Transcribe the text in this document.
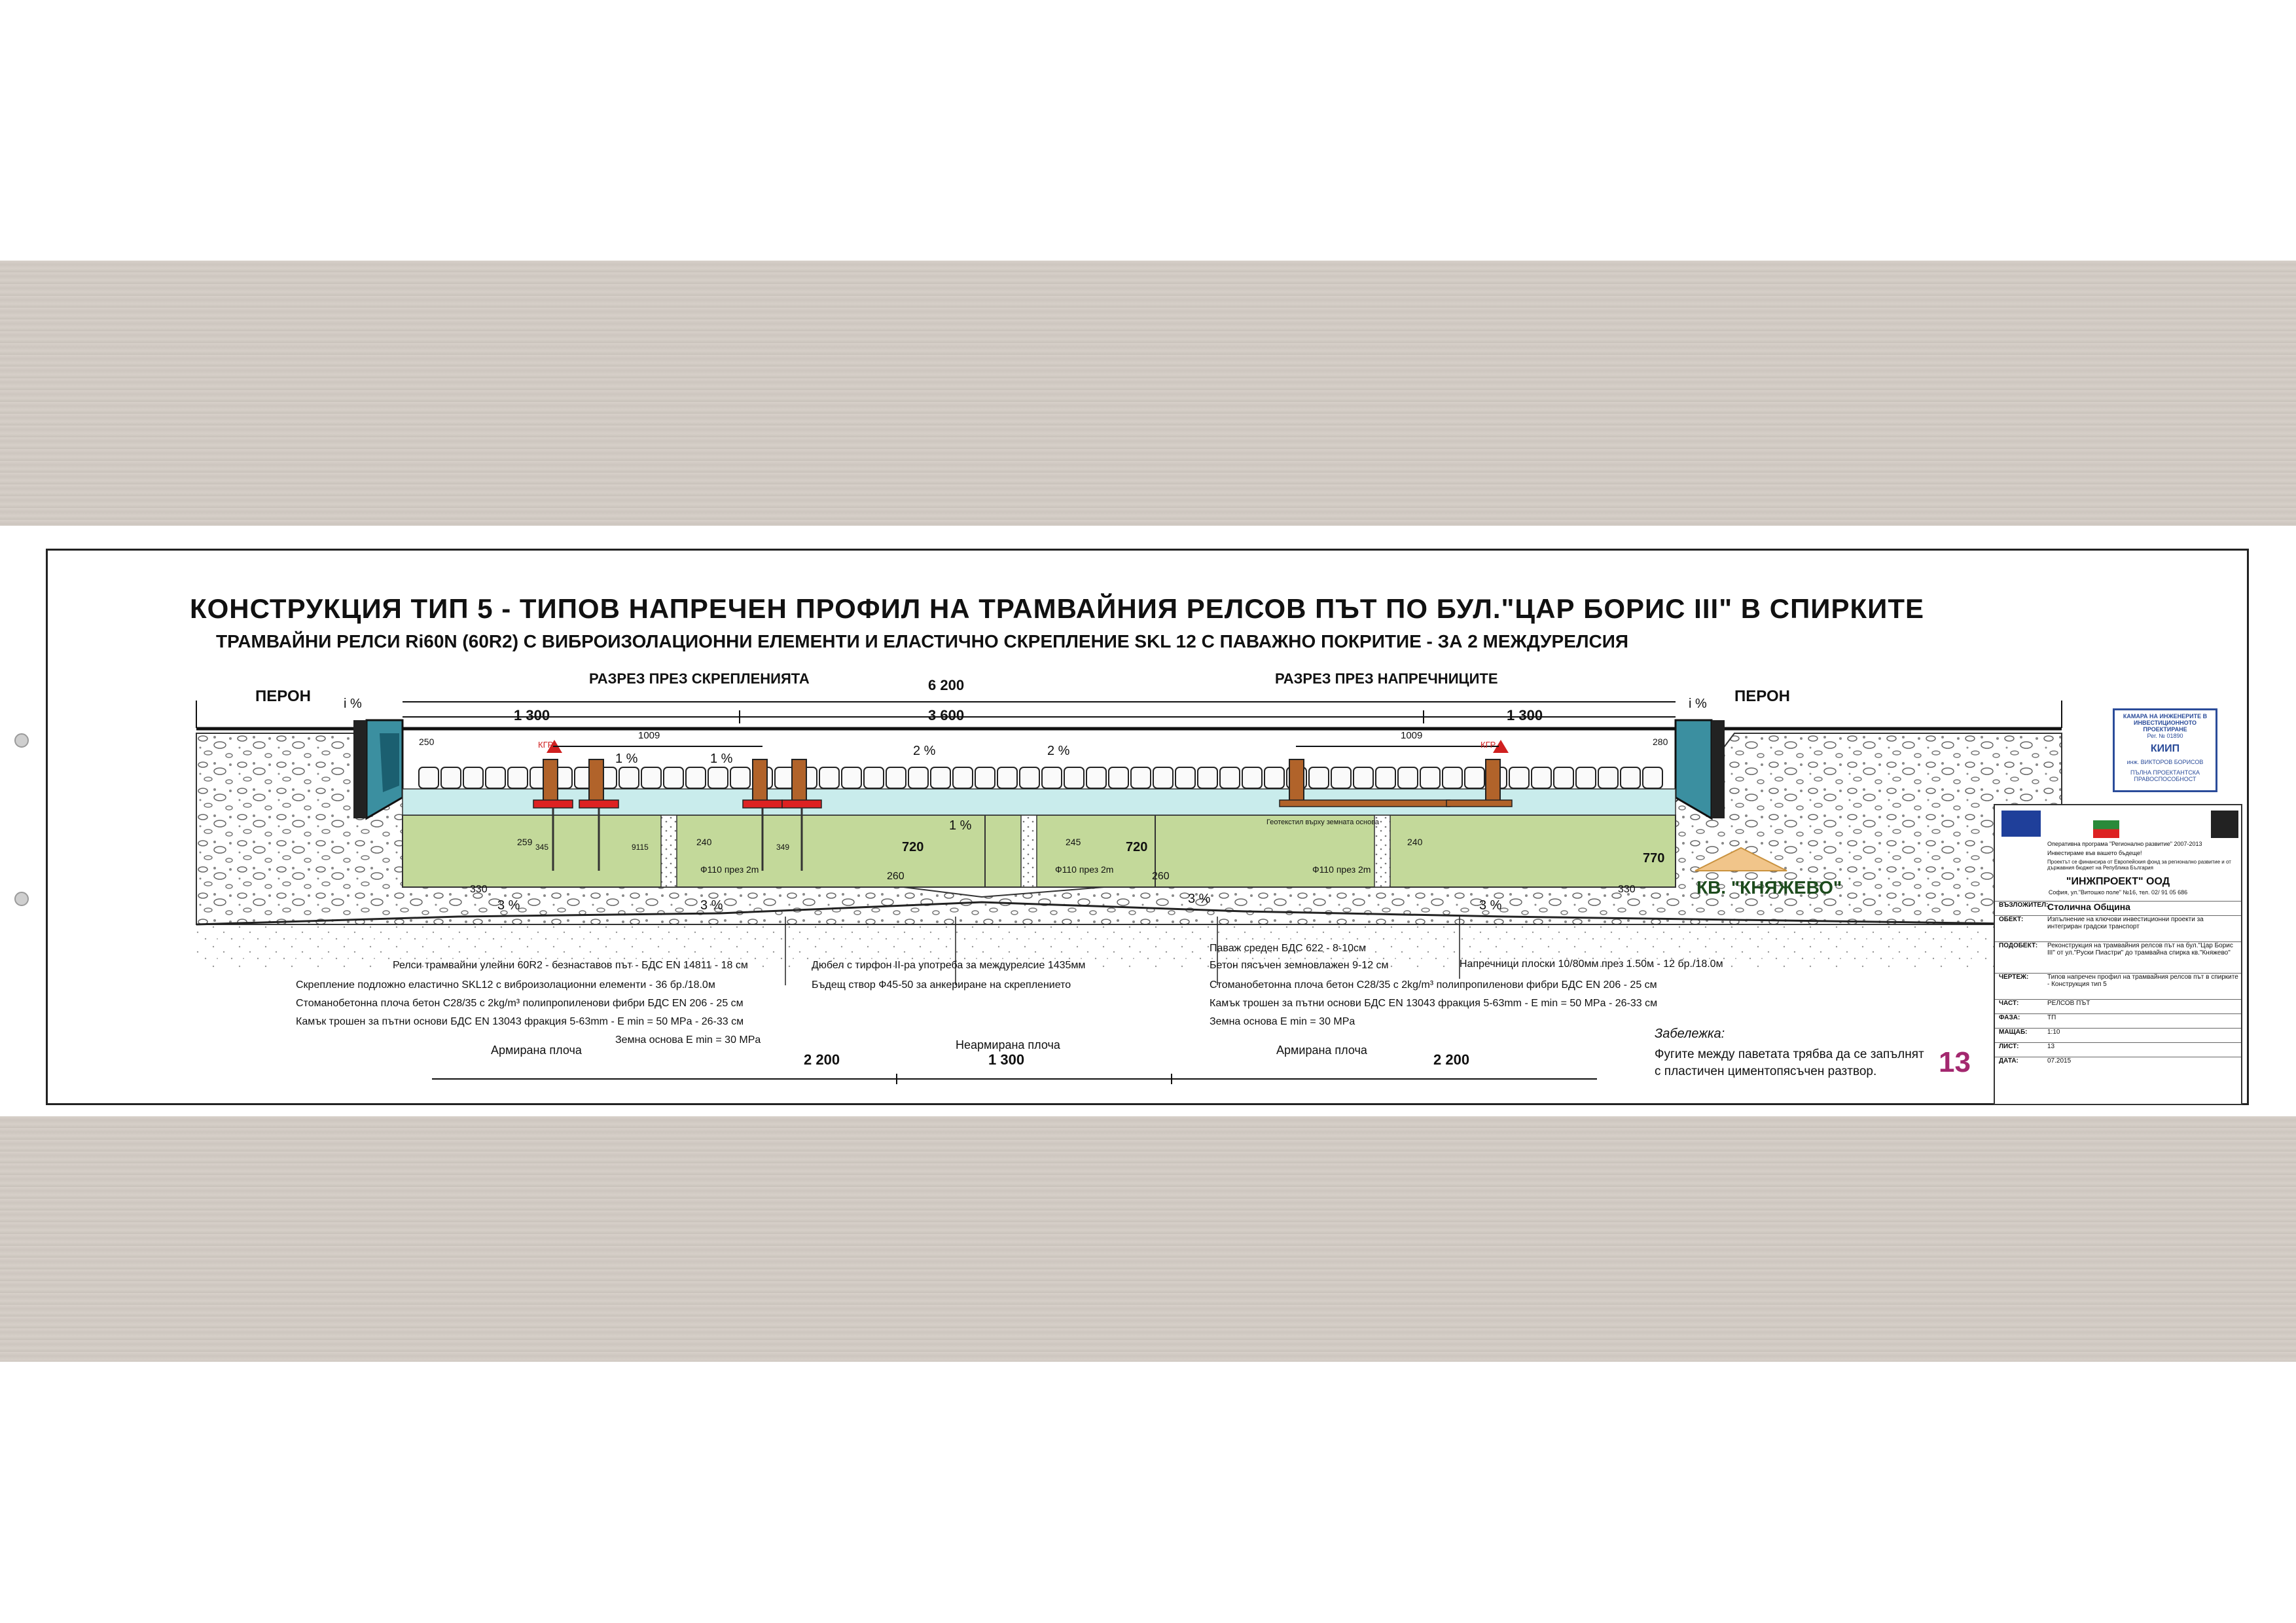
КОНСТРУКЦИЯ ТИП 5 - ТИПОВ НАПРЕЧЕН ПРОФИЛ НА ТРАМВАЙНИЯ РЕЛСОВ ПЪТ ПО БУЛ."ЦАР БОРИС III" В СПИРКИТЕ
ТРАМВАЙНИ РЕЛСИ Ri60N (60R2) С ВИБРОИЗОЛАЦИОННИ ЕЛЕМЕНТИ И ЕЛАСТИЧНО СКРЕПЛЕНИЕ SKL 12 С ПАВАЖНО ПОКРИТИЕ - ЗА 2 МЕЖДУРЕЛСИЯ
РАЗРЕЗ ПРЕЗ СКРЕПЛЕНИЯТА	РАЗРЕЗ ПРЕЗ НАПРЕЧНИЦИТЕ
ПЕРОН	ПЕРОН
i %	i %
6 200
1 300	3 600	1 300
1009	1009
1 %	1 %
2 %	2 %
1 %
3 %	3 %	3 %	3 %
250	280
720	720
770
330	330
260	260
240	240
245
259 345	349
9115
Ф110 през 2m	Ф110 през 2m	Ф110 през 2m
КГР	КГР
Геотекстил върху земната основа
КВ. "КНЯЖЕВО"
Релси трамвайни улейни 60R2 - безнаставов път - БДС EN 14811 - 18 см
Скрепление подложно еластично SKL12 с виброизолационни елементи - 36 бр./18.0м
Стоманобетонна плоча бетон C28/35 с 2kg/m³ полипропиленови фибри БДС EN 206 - 25 см
Камък трошен за пътни основи БДС EN 13043 фракция 5-63mm - E min = 50 MPa - 26-33 см
Земна основа E min = 30 MPa
Дюбел с тирфон II-ра употреба за междурелсие 1435мм
Бъдещ створ Ф45-50 за анкериране на скреплението
Паваж среден БДС 622 - 8-10см
Бетон пясъчен земновлажен 9-12 см
Стоманобетонна плоча бетон C28/35 с 2kg/m³ полипропиленови фибри БДС EN 206 - 25 см
Камък трошен за пътни основи БДС EN 13043 фракция 5-63mm - E min = 50 MPa - 26-33 см
Земна основа E min = 30 MPa
Напречници плоски 10/80мм през 1.50м - 12 бр./18.0м
Армирана плоча	Неармирана плоча	Армирана плоча
2 200	1 300	2 200
Забележка:
Фугите между паветата трябва да се запълнят с пластичен циментопясъчен разтвор.	13
КАМАРА НА ИНЖЕНЕРИТЕ В ИНВЕСТИЦИОННОТО ПРОЕКТИРАНЕ
Рег. № 01890
КИИП
инж. ВИКТОРОВ БОРИСОВ
ПЪЛНА ПРОЕКТАНТСКА ПРАВОСПОСОБНОСТ
Оперативна програма "Регионално развитие" 2007-2013
Инвестираме във вашето бъдеще!
Проектът се финансира от Европейския фонд за регионално развитие и от държавния бюджет на Република България
"ИНЖПРОЕКТ" ООД
София, ул."Витошко поле" №16, тел. 02/ 91 05 686
ВЪЗЛОЖИТЕЛ:
Столична Община
ОБЕКТ:	Изпълнение на ключови инвестиционни проекти за интегриран градски транспорт
ПОДОБЕКТ: Реконструкция на трамвайния релсов път на бул."Цар Борис III" от ул."Руски Пиастри" до трамвайна спирка кв."Княжево"
ЧЕРТЕЖ:	Типов напречен профил на трамвайния релсов път в спирките - Конструкция тип 5
ЧАСТ:	РЕЛСОВ ПЪТ
ФАЗА:	ТП
МАЩАБ:	1:10
ЛИСТ:	13
ДАТА:	07.2015
